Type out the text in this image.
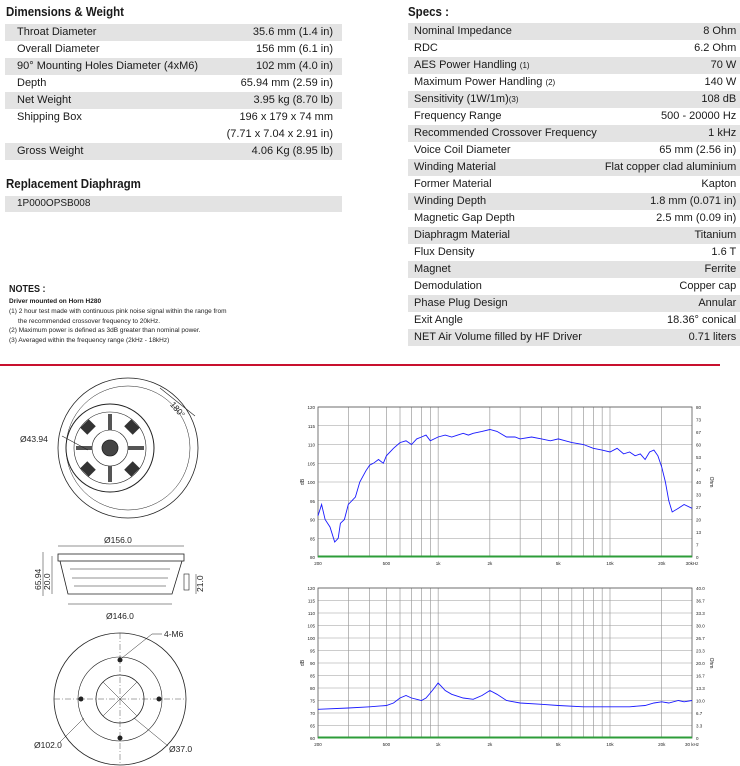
Dimensions & Weight
Throat Diameter	35.6 mm (1.4 in)
Overall Diameter	156 mm (6.1 in)
90° Mounting Holes Diameter (4xM6)	102 mm (4.0 in)
Depth	65.94 mm (2.59 in)
Net Weight	3.95 kg (8.70 lb)
Shipping Box	196 x 179 x 74 mm
	(7.71 x 7.04 x 2.91 in)
Gross Weight	4.06 Kg (8.95 lb)
Replacement Diaphragm
1P000OPSB008
NOTES :
Driver mounted on Horn H280
(1) 2 hour test made with continuous pink noise signal within the range from
the recommended crossover frequency to 20kHz.
(2) Maximum power is defined as 3dB greater than nominal power.
(3) Averaged within the frequency range (2kHz - 18kHz)
Specs :
Nominal Impedance	8 Ohm
RDC	6.2 Ohm
AES Power Handling (1)	70 W
Maximum Power Handling (2)	140 W
Sensitivity (1W/1m)(3)	108 dB
Frequency Range	500 - 20000 Hz
Recommended Crossover Frequency	1 kHz
Voice Coil Diameter	65 mm (2.56 in)
Winding Material	Flat copper clad aluminium
Former Material	Kapton
Winding Depth	1.8 mm (0.071 in)
Magnetic Gap Depth	2.5 mm (0.09 in)
Diaphragm Material	Titanium
Flux Density	1.6 T
Magnet	Ferrite
Demodulation	Copper cap
Phase Plug Design	Annular
Exit Angle	18.36° conical
NET Air Volume filled by HF Driver	0.71 liters
180°
Ø43.94
Ø156.0
65.94 20.0	21.0
Ø146.0
4-M6
Ø102.0	Ø37.0
80
85
90
95
100
105
110
115
120
0
7
13
20
27
33
40
47
53
60
67
73
80
200	500	1k	2k	5k	10k	20k	30kHz
dB	Ohm
60
65
70
75
80
85
90
95
100
105
110
115
120
0
3.3
6.7
10.0
13.3
16.7
20.0
23.3
26.7
30.0
33.3
36.7
40.0
200	500	1k	2k	5k	10k	20k	30 kHz
dB	Ohm
